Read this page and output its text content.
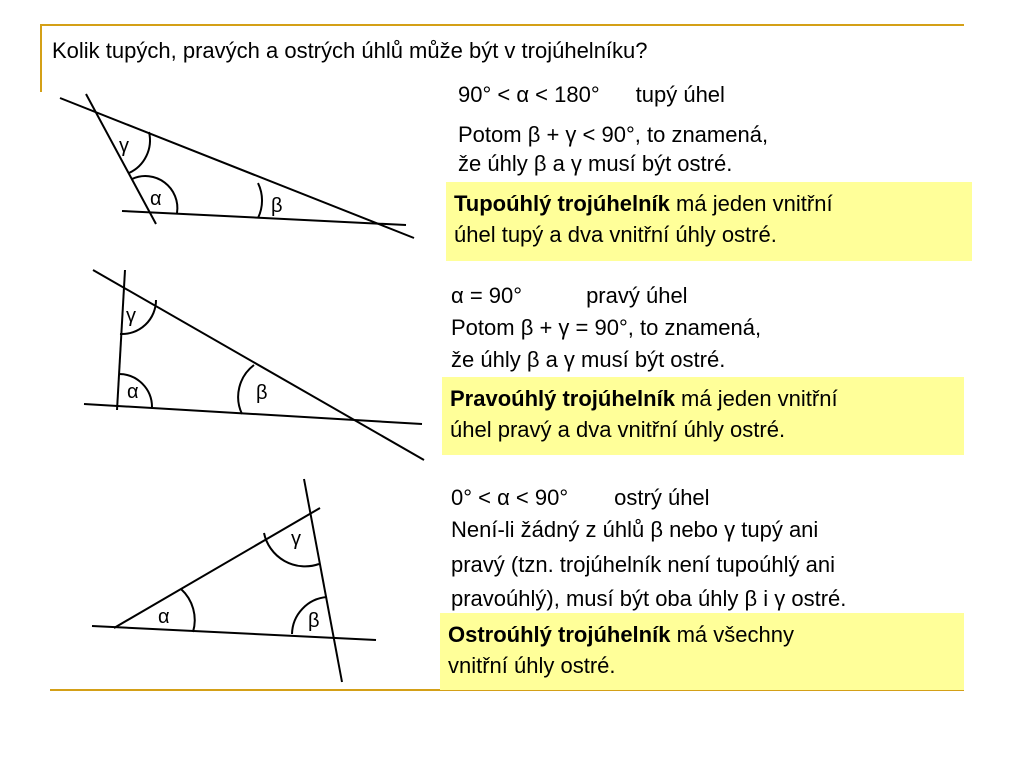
Kolik tupých, pravých a ostrých úhlů může být v trojúhelníku?
γ
α	β
γ
α	β
γ
α	β
90° < α < 180° tupý úhel
Potom β + γ < 90°, to znamená,
že úhly β a γ musí být ostré.
Tupoúhlý trojúhelník má jeden vnitřní
úhel tupý a dva vnitřní úhly ostré.
α = 90°	pravý úhel
Potom β + γ = 90°, to znamená,
že úhly β a γ musí být ostré.
Pravoúhlý trojúhelník má jeden vnitřní
úhel pravý a dva vnitřní úhly ostré.
0° < α < 90° ostrý úhel
Není-li žádný z úhlů β nebo γ tupý ani
pravý (tzn. trojúhelník není tupoúhlý ani
pravoúhlý), musí být oba úhly β i γ ostré.
Ostroúhlý trojúhelník má všechny
vnitřní úhly ostré.
